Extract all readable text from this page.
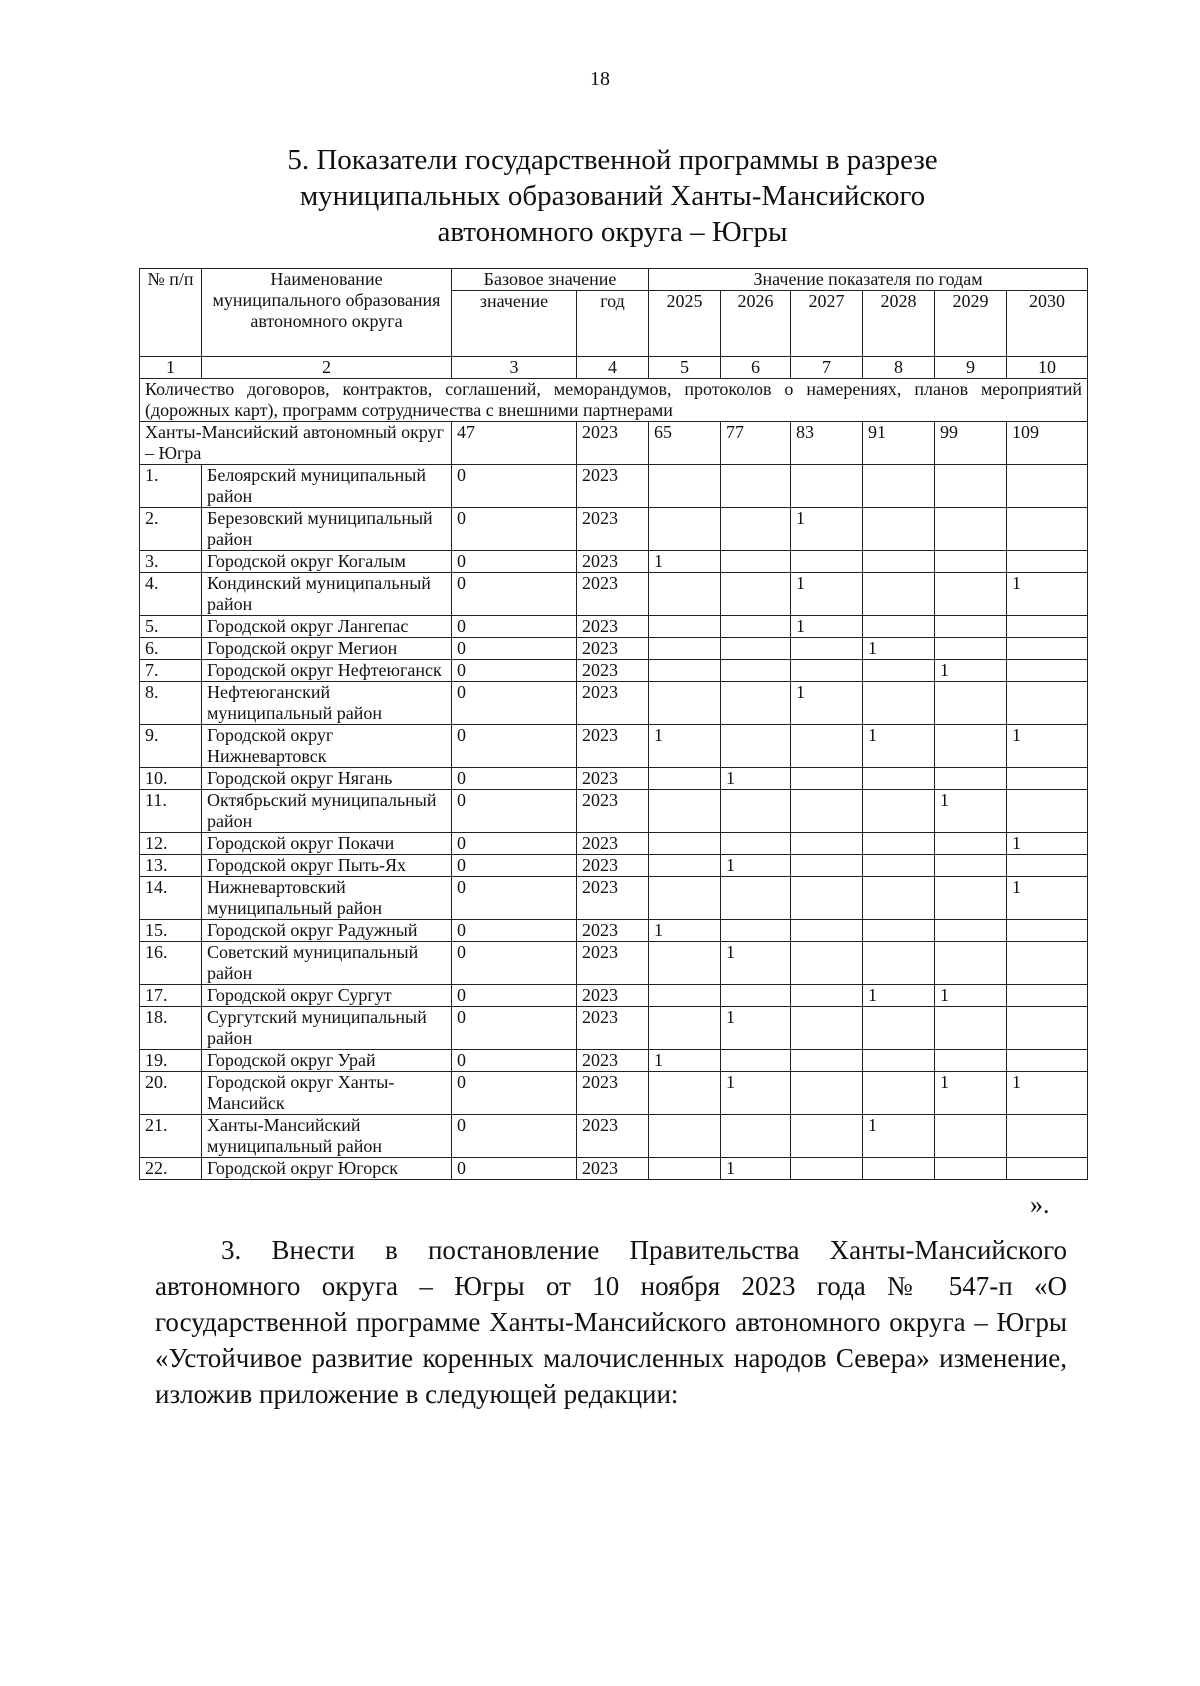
18
5. Показатели государственной программы в разрезе
муниципальных образований Ханты-Мансийского
автономного округа – Югры
№ п/п	Наименование муниципального образования автономного округа	Базовое значение		Значение показателя по годам					
		значение	год	2025	2026	2027	2028	2029	2030
1	2	3	4	5	6	7	8	9	10
Количество договоров, контрактов, соглашений, меморандумов, протоколов о намерениях, планов мероприятий (дорожных карт), программ сотрудничества с внешними партнерами									
Ханты-Мансийский автономный округ – Югра		47	2023	65	77	83	91	99	109
1.	Белоярский муниципальный район	0	2023						
2.	Березовский муниципальный район	0	2023			1			
3.	Городской округ Когалым	0	2023	1					
4.	Кондинский муниципальный район	0	2023			1			1
5.	Городской округ Лангепас	0	2023			1			
6.	Городской округ Мегион	0	2023				1		
7.	Городской округ Нефтеюганск	0	2023					1	
8.	Нефтеюганский муниципальный район	0	2023			1			
9.	Городской округ Нижневартовск	0	2023	1			1		1
10.	Городской округ Нягань	0	2023		1				
11.	Октябрьский муниципальный район	0	2023					1	
12.	Городской округ Покачи	0	2023						1
13.	Городской округ Пыть-Ях	0	2023		1				
14.	Нижневартовский муниципальный район	0	2023						1
15.	Городской округ Радужный	0	2023	1					
16.	Советский муниципальный район	0	2023		1				
17.	Городской округ Сургут	0	2023				1	1	
18.	Сургутский муниципальный район	0	2023		1				
19.	Городской округ Урай	0	2023	1					
20.	Городской округ Ханты-Мансийск	0	2023		1			1	1
21.	Ханты-Мансийский муниципальный район	0	2023				1		
22.	Городской округ Югорск	0	2023		1				
».
3. Внести в постановление Правительства Ханты-Мансийского автономного округа – Югры от 10 ноября 2023 года № 547-п «О государственной программе Ханты-Мансийского автономного округа – Югры «Устойчивое развитие коренных малочисленных народов Севера» изменение, изложив приложение в следующей редакции:
